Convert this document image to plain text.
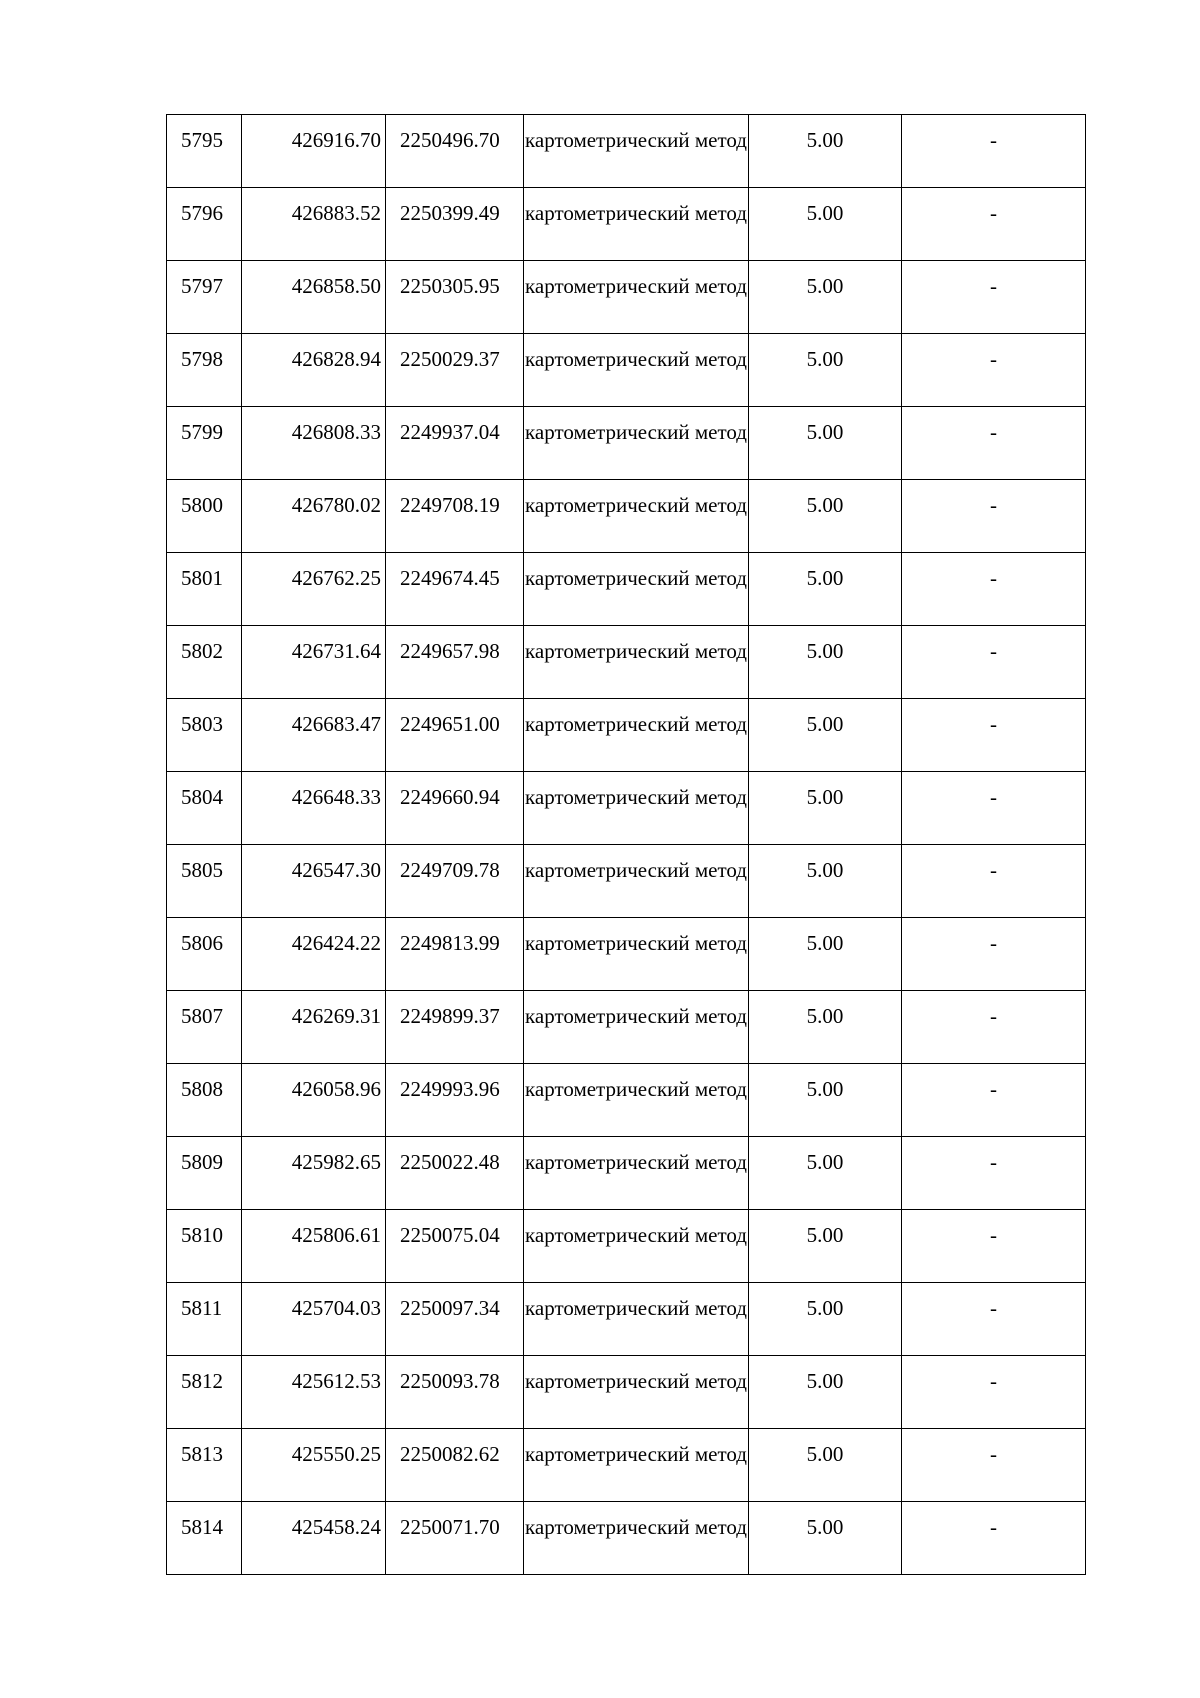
5795	426916.70	2250496.70	картометрический метод	5.00	-
5796	426883.52	2250399.49	картометрический метод	5.00	-
5797	426858.50	2250305.95	картометрический метод	5.00	-
5798	426828.94	2250029.37	картометрический метод	5.00	-
5799	426808.33	2249937.04	картометрический метод	5.00	-
5800	426780.02	2249708.19	картометрический метод	5.00	-
5801	426762.25	2249674.45	картометрический метод	5.00	-
5802	426731.64	2249657.98	картометрический метод	5.00	-
5803	426683.47	2249651.00	картометрический метод	5.00	-
5804	426648.33	2249660.94	картометрический метод	5.00	-
5805	426547.30	2249709.78	картометрический метод	5.00	-
5806	426424.22	2249813.99	картометрический метод	5.00	-
5807	426269.31	2249899.37	картометрический метод	5.00	-
5808	426058.96	2249993.96	картометрический метод	5.00	-
5809	425982.65	2250022.48	картометрический метод	5.00	-
5810	425806.61	2250075.04	картометрический метод	5.00	-
5811	425704.03	2250097.34	картометрический метод	5.00	-
5812	425612.53	2250093.78	картометрический метод	5.00	-
5813	425550.25	2250082.62	картометрический метод	5.00	-
5814	425458.24	2250071.70	картометрический метод	5.00	-
